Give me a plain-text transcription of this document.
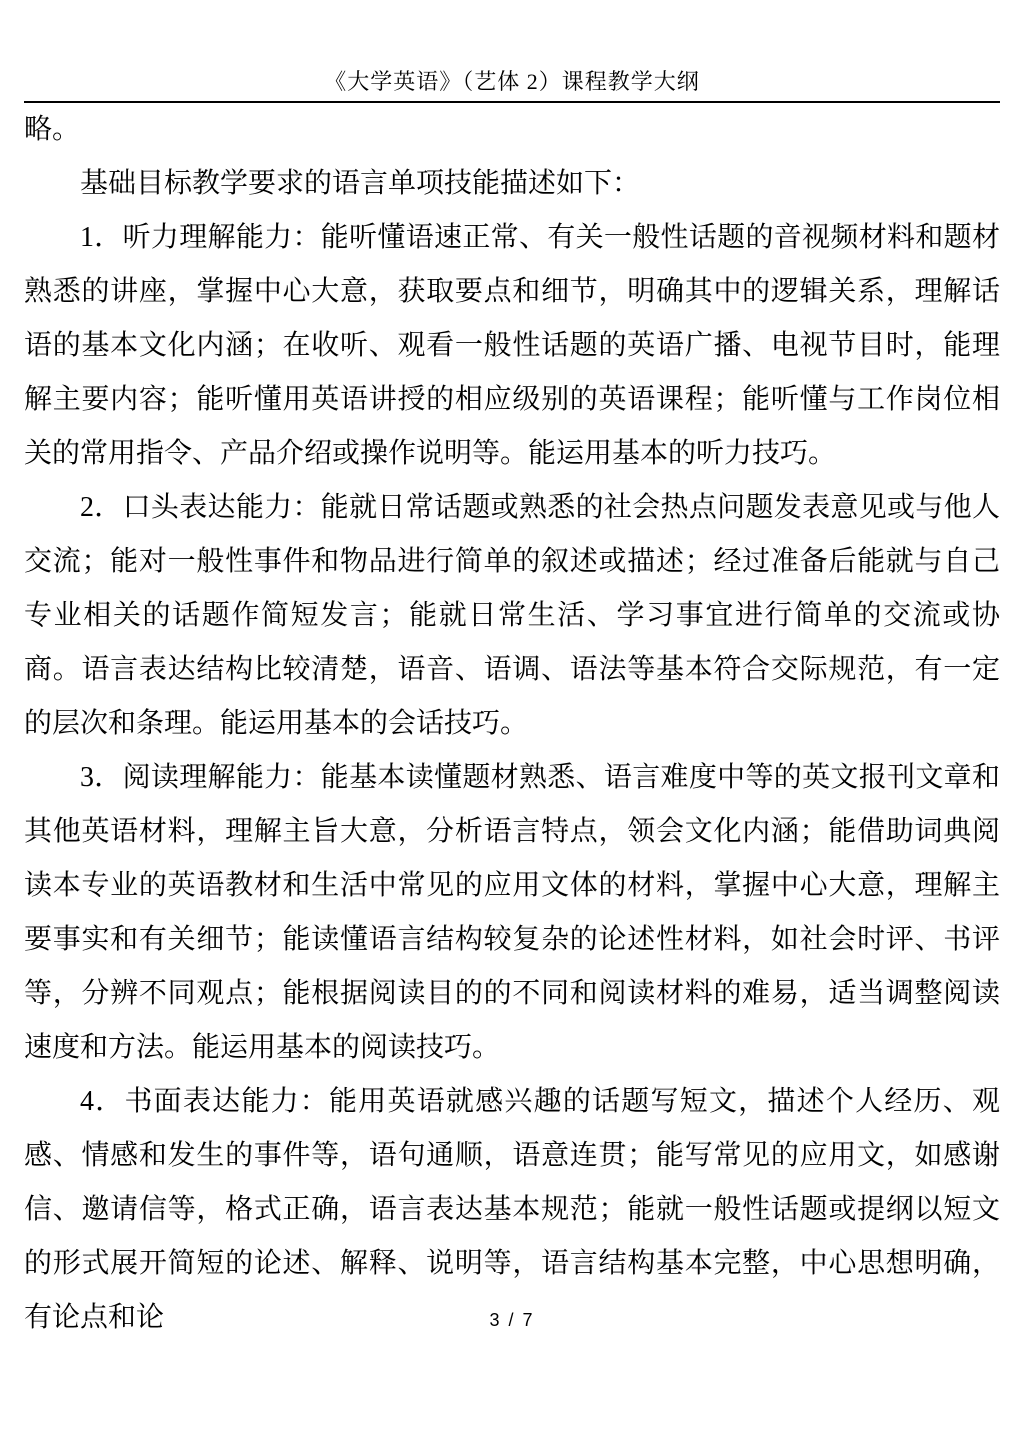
《大学英语》（艺体 2）课程教学大纲

略。

基础目标教学要求的语言单项技能描述如下：

1．听力理解能力：能听懂语速正常、有关一般性话题的音视频材料和题材熟悉的讲座，掌握中心大意，获取要点和细节，明确其中的逻辑关系，理解话语的基本文化内涵；在收听、观看一般性话题的英语广播、电视节目时，能理解主要内容；能听懂用英语讲授的相应级别的英语课程；能听懂与工作岗位相关的常用指令、产品介绍或操作说明等。能运用基本的听力技巧。

2．口头表达能力：能就日常话题或熟悉的社会热点问题发表意见或与他人交流；能对一般性事件和物品进行简单的叙述或描述；经过准备后能就与自己专业相关的话题作简短发言；能就日常生活、学习事宜进行简单的交流或协商。语言表达结构比较清楚，语音、语调、语法等基本符合交际规范，有一定的层次和条理。能运用基本的会话技巧。

3．阅读理解能力：能基本读懂题材熟悉、语言难度中等的英文报刊文章和其他英语材料，理解主旨大意，分析语言特点，领会文化内涵；能借助词典阅读本专业的英语教材和生活中常见的应用文体的材料，掌握中心大意，理解主要事实和有关细节；能读懂语言结构较复杂的论述性材料，如社会时评、书评等，分辨不同观点；能根据阅读目的的不同和阅读材料的难易，适当调整阅读速度和方法。能运用基本的阅读技巧。

4．书面表达能力：能用英语就感兴趣的话题写短文，描述个人经历、观感、情感和发生的事件等，语句通顺，语意连贯；能写常见的应用文，如感谢信、邀请信等，格式正确，语言表达基本规范；能就一般性话题或提纲以短文的形式展开简短的论述、解释、说明等，语言结构基本完整，中心思想明确，有论点和论	3 / 7
